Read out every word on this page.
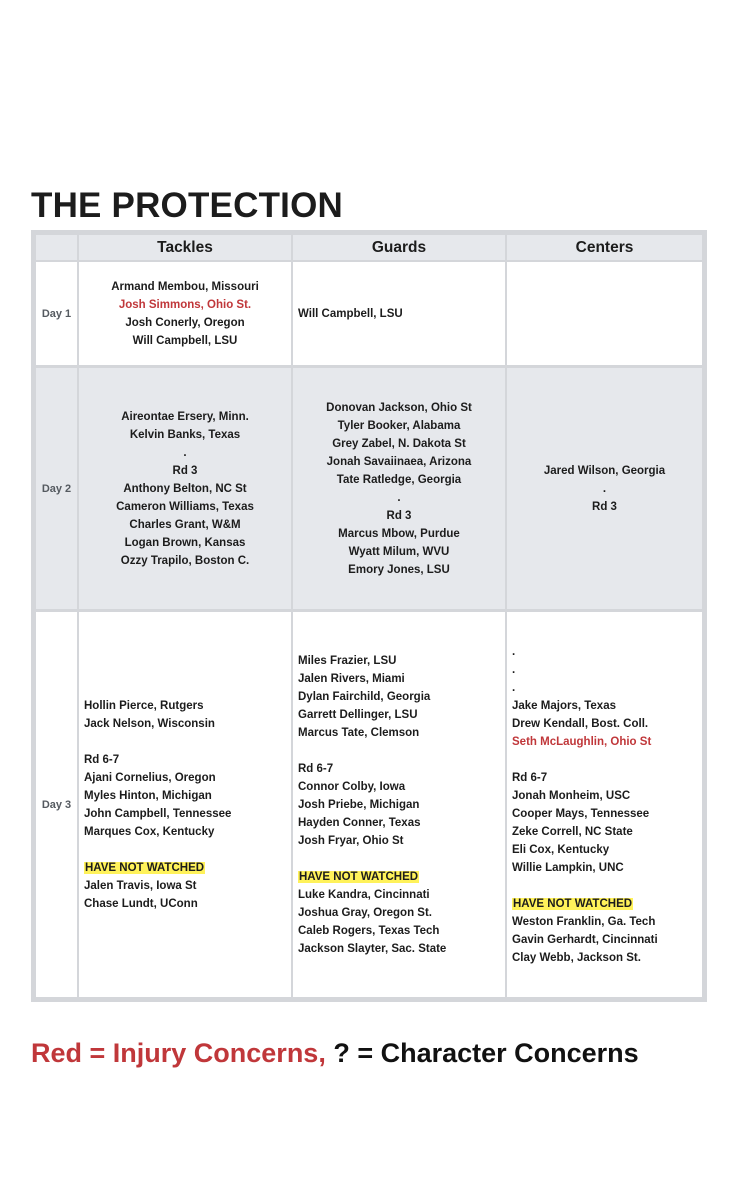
THE PROTECTION
Tackles	Guards	Centers
Day 1
Armand Membou, Missouri
Josh Simmons, Ohio St.
Josh Conerly, Oregon
Will Campbell, LSU
Will Campbell, LSU
Day 2
Aireontae Ersery, Minn.
Kelvin Banks, Texas
.
Rd 3
Anthony Belton, NC St
Cameron Williams, Texas
Charles Grant, W&M
Logan Brown, Kansas
Ozzy Trapilo, Boston C.
Donovan Jackson, Ohio St
Tyler Booker, Alabama
Grey Zabel, N. Dakota St
Jonah Savaiinaea, Arizona
Tate Ratledge, Georgia
.
Rd 3
Marcus Mbow, Purdue
Wyatt Milum, WVU
Emory Jones, LSU
Jared Wilson, Georgia
.
Rd 3
Day 3
Hollin Pierce, Rutgers
Jack Nelson, Wisconsin
Rd 6-7
Ajani Cornelius, Oregon
Myles Hinton, Michigan
John Campbell, Tennessee
Marques Cox, Kentucky
HAVE NOT WATCHED
Jalen Travis, Iowa St
Chase Lundt, UConn
Miles Frazier, LSU
Jalen Rivers, Miami
Dylan Fairchild, Georgia
Garrett Dellinger, LSU
Marcus Tate, Clemson
Rd 6-7
Connor Colby, Iowa
Josh Priebe, Michigan
Hayden Conner, Texas
Josh Fryar, Ohio St
HAVE NOT WATCHED
Luke Kandra, Cincinnati
Joshua Gray, Oregon St.
Caleb Rogers, Texas Tech
Jackson Slayter, Sac. State
.
.
.
Jake Majors, Texas
Drew Kendall, Bost. Coll.
Seth McLaughlin, Ohio St
Rd 6-7
Jonah Monheim, USC
Cooper Mays, Tennessee
Zeke Correll, NC State
Eli Cox, Kentucky
Willie Lampkin, UNC
HAVE NOT WATCHED
Weston Franklin, Ga. Tech
Gavin Gerhardt, Cincinnati
Clay Webb, Jackson St.
Red = Injury Concerns, ? = Character Concerns
